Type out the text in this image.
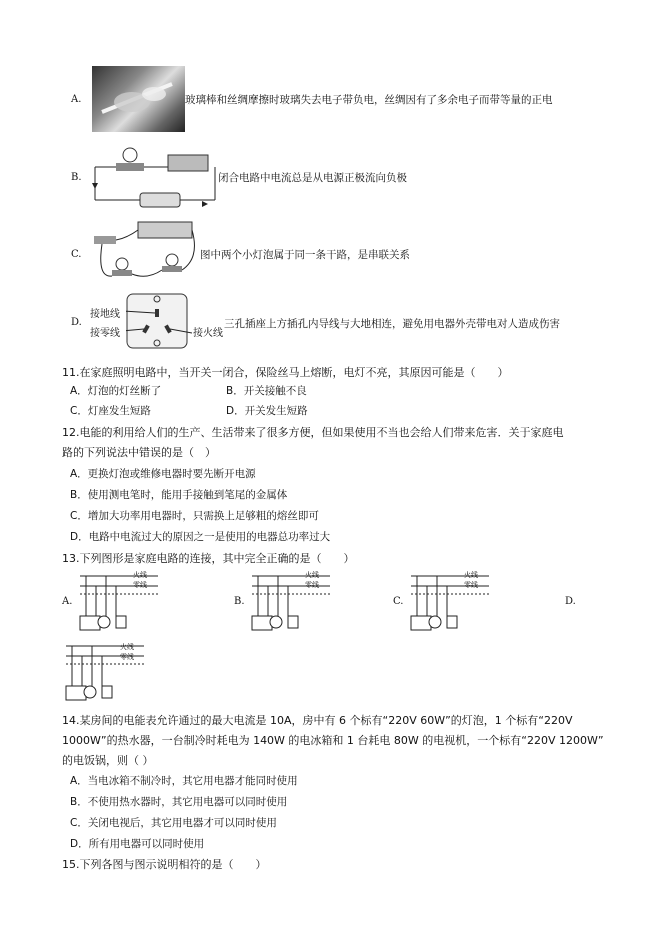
A.	玻璃棒和丝绸摩擦时玻璃失去电子带负电，丝绸因有了多余电子而带等量的正电
B.	闭合电路中电流总是从电源正极流向负极
C.	图中两个小灯泡属于同一条干路，是串联关系
D.
接地线
接零线	接火线
三孔插座上方插孔内导线与大地相连，避免用电器外壳带电对人造成伤害
11.在家庭照明电路中，当开关一闭合，保险丝马上熔断，电灯不亮，其原因可能是（　　）
A．灯泡的灯丝断了	B．开关接触不良
C．灯座发生短路	D．开关发生短路
12.电能的利用给人们的生产、生活带来了很多方便，但如果使用不当也会给人们带来危害．关于家庭电
路的下列说法中错误的是（　）
A．更换灯泡或维修电器时要先断开电源
B．使用测电笔时，能用手接触到笔尾的金属体
C．增加大功率用电器时，只需换上足够粗的熔丝即可
D．电路中电流过大的原因之一是使用的电器总功率过大
13.下列图形是家庭电路的连接，其中完全正确的是（　　）
A.	B.	C.	D.
火线
零线
火线
零线
火线
零线
火线
零线
14.某房间的电能表允许通过的最大电流是 10A，房中有 6 个标有“220V 60W”的灯泡，1 个标有“220V
1000W”的热水器，一台制冷时耗电为 140W 的电冰箱和 1 台耗电 80W 的电视机，一个标有“220V 1200W”
的电饭锅，则（ ）
A．当电冰箱不制冷时，其它用电器才能同时使用
B．不使用热水器时，其它用电器可以同时使用
C．关闭电视后，其它用电器才可以同时使用
D．所有用电器可以同时使用
15.下列各图与图示说明相符的是（　　）
